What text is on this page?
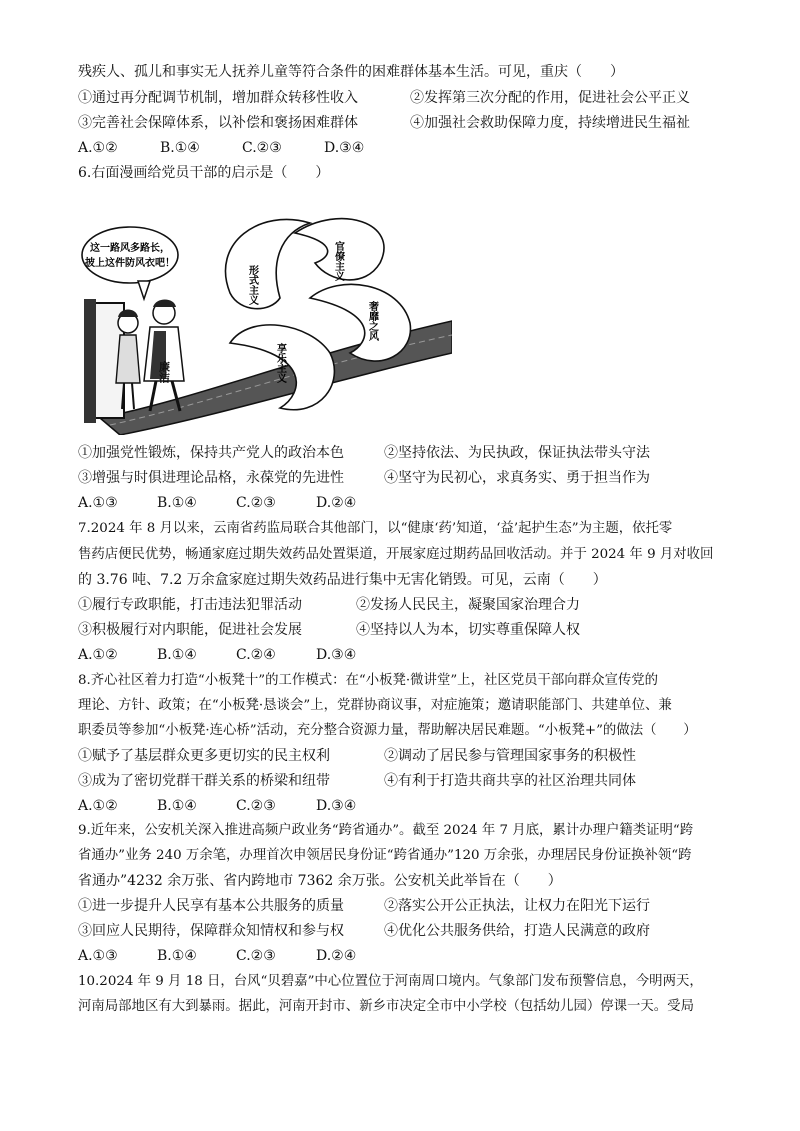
残疾人、孤儿和事实无人抚养儿童等符合条件的困难群体基本生活。可见，重庆（　　）
①通过再分配调节机制，增加群众转移性收入	②发挥第三次分配的作用，促进社会公平正义
③完善社会保障体系，以补偿和褒扬困难群体	④加强社会救助保障力度，持续增进民生福祉
A.①②	B.①④	C.②③	D.③④
6.右面漫画给党员干部的启示是（　　）
这一路风多路长，
披上这件防风衣吧！
廉洁	仕途
形式主义
官僚主义
奢靡之风
享乐主义
①加强党性锻炼，保持共产党人的政治本色	②坚持依法、为民执政，保证执法带头守法
③增强与时俱进理论品格，永葆党的先进性	④坚守为民初心，求真务实、勇于担当作为
A.①③	B.①④	C.②③	D.②④
7.2024 年 8 月以来，云南省药监局联合其他部门，以“健康‘药’知道，‘益’起护生态”为主题，依托零
售药店便民优势，畅通家庭过期失效药品处置渠道，开展家庭过期药品回收活动。并于 2024 年 9 月对收回
的 3.76 吨、7.2 万余盒家庭过期失效药品进行集中无害化销毁。可见，云南（　　）
①履行专政职能，打击违法犯罪活动	②发扬人民民主，凝聚国家治理合力
③积极履行对内职能，促进社会发展	④坚持以人为本，切实尊重保障人权
A.①②	B.①④	C.②④	D.③④
8.齐心社区着力打造“小板凳十”的工作模式：在“小板凳·微讲堂”上，社区党员干部向群众宣传党的
理论、方针、政策；在“小板凳·恳谈会”上，党群协商议事，对症施策；邀请职能部门、共建单位、兼
职委员等参加“小板凳·连心桥”活动，充分整合资源力量，帮助解决居民难题。“小板凳+”的做法（　　）
①赋予了基层群众更多更切实的民主权利	②调动了居民参与管理国家事务的积极性
③成为了密切党群干群关系的桥梁和纽带	④有利于打造共商共享的社区治理共同体
A.①②	B.①④	C.②③	D.③④
9.近年来，公安机关深入推进高频户政业务“跨省通办”。截至 2024 年 7 月底，累计办理户籍类证明“跨
省通办”业务 240 万余笔，办理首次申领居民身份证“跨省通办”120 万余张，办理居民身份证换补领“跨
省通办”4232 余万张、省内跨地市 7362 余万张。公安机关此举旨在（　　）
①进一步提升人民享有基本公共服务的质量	②落实公开公正执法，让权力在阳光下运行
③回应人民期待，保障群众知情权和参与权	④优化公共服务供给，打造人民满意的政府
A.①③	B.①④	C.②③	D.②④
10.2024 年 9 月 18 日，台风“贝碧嘉”中心位置位于河南周口境内。气象部门发布预警信息，今明两天，
河南局部地区有大到暴雨。据此，河南开封市、新乡市决定全市中小学校（包括幼儿园）停课一天。受局
